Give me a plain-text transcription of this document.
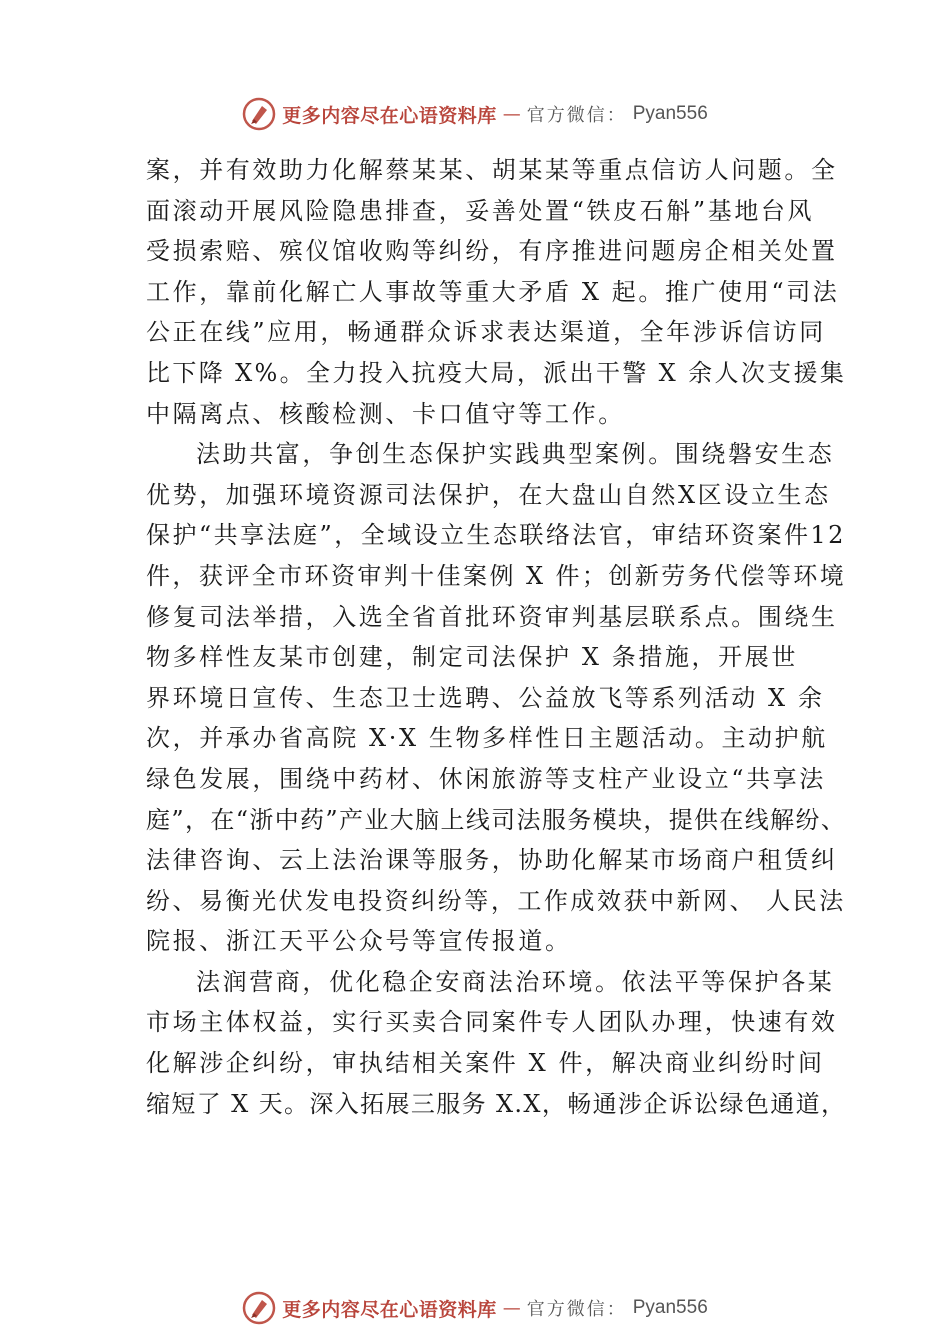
更多内容尽在心语资料库 — 官方微信： Pyan556
案，并有效助力化解蔡某某、胡某某等重点信访人问题。全
面滚动开展风险隐患排查，妥善处置“铁皮石斛”基地台风
受损索赔、殡仪馆收购等纠纷，有序推进问题房企相关处置
工作，靠前化解亡人事故等重大矛盾 X 起。推广使用“司法
公正在线”应用，畅通群众诉求表达渠道，全年涉诉信访同
比下降 X%。全力投入抗疫大局，派出干警 X 余人次支援集
中隔离点、核酸检测、卡口值守等工作。
法助共富，争创生态保护实践典型案例。围绕磐安生态
优势，加强环境资源司法保护，在大盘山自然X区设立生态
保护“共享法庭”，全域设立生态联络法官，审结环资案件12
件，获评全市环资审判十佳案例 X 件；创新劳务代偿等环境
修复司法举措，入选全省首批环资审判基层联系点。围绕生
物多样性友某市创建，制定司法保护 X 条措施，开展世
界环境日宣传、生态卫士选聘、公益放飞等系列活动 X 余
次，并承办省高院 X·X 生物多样性日主题活动。主动护航
绿色发展，围绕中药材、休闲旅游等支柱产业设立“共享法
庭”，在“浙中药”产业大脑上线司法服务模块，提供在线解纷、
法律咨询、云上法治课等服务，协助化解某市场商户租赁纠
纷、易衡光伏发电投资纠纷等，工作成效获中新网、 人民法
院报、浙江天平公众号等宣传报道。
法润营商，优化稳企安商法治环境。依法平等保护各某
市场主体权益，实行买卖合同案件专人团队办理，快速有效
化解涉企纠纷，审执结相关案件 X 件，解决商业纠纷时间
缩短了 X 天。深入拓展三服务 X.X，畅通涉企诉讼绿色通道，
更多内容尽在心语资料库 — 官方微信： Pyan556
